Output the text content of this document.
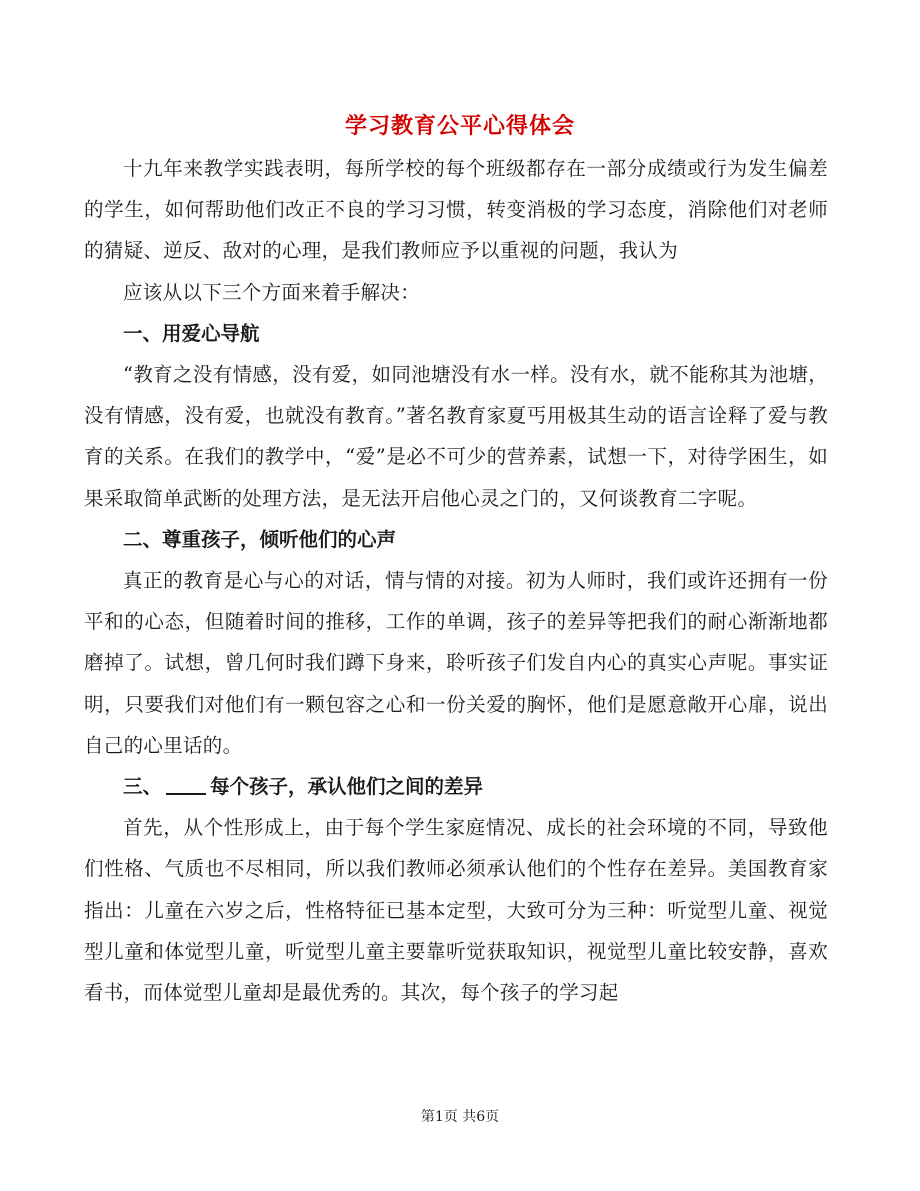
学习教育公平心得体会

十九年来教学实践表明，每所学校的每个班级都存在一部分成绩或行为发生偏差的学生，如何帮助他们改正不良的学习习惯，转变消极的学习态度，消除他们对老师的猜疑、逆反、敌对的心理，是我们教师应予以重视的问题，我认为

应该从以下三个方面来着手解决：

一、用爱心导航

“教育之没有情感，没有爱，如同池塘没有水一样。没有水，就不能称其为池塘，没有情感，没有爱，也就没有教育。”著名教育家夏丐用极其生动的语言诠释了爱与教育的关系。在我们的教学中，“爱”是必不可少的营养素，试想一下，对待学困生，如果采取简单武断的处理方法，是无法开启他心灵之门的，又何谈教育二字呢。

二、尊重孩子，倾听他们的心声

真正的教育是心与心的对话，情与情的对接。初为人师时，我们或许还拥有一份平和的心态，但随着时间的推移，工作的单调，孩子的差异等把我们的耐心渐渐地都磨掉了。试想，曾几何时我们蹲下身来，聆听孩子们发自内心的真实心声呢。事实证明，只要我们对他们有一颗包容之心和一份关爱的胸怀，他们是愿意敞开心扉，说出自己的心里话的。

三、 每个孩子，承认他们之间的差异

首先，从个性形成上，由于每个学生家庭情况、成长的社会环境的不同，导致他们性格、气质也不尽相同，所以我们教师必须承认他们的个性存在差异。美国教育家指出：儿童在六岁之后，性格特征已基本定型，大致可分为三种：听觉型儿童、视觉型儿童和体觉型儿童，听觉型儿童主要靠听觉获取知识，视觉型儿童比较安静，喜欢看书，而体觉型儿童却是最优秀的。其次，每个孩子的学习起

第1页 共6页
